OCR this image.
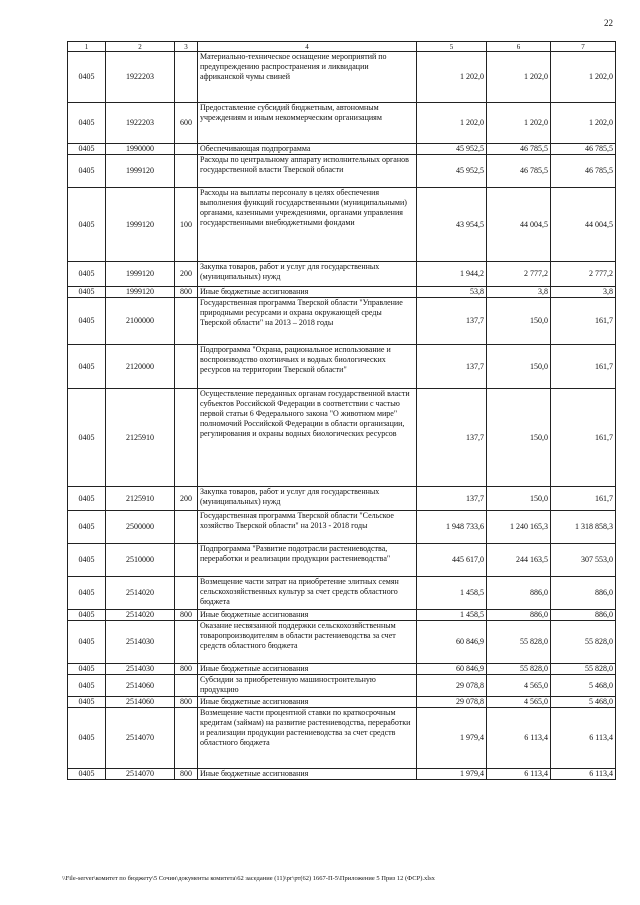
22
1	2	3	4	5	6	7
0405	1922203		Материально-техническое оснащение мероприятий по предупреждению распространения и ликвидации африканской чумы свиней	1 202,0	1 202,0	1 202,0
0405	1922203	600	Предоставление субсидий бюджетным, автономным учреждениям и иным некоммерческим организациям	1 202,0	1 202,0	1 202,0
0405	1990000		Обеспечивающая подпрограмма	45 952,5	46 785,5	46 785,5
0405	1999120		Расходы по центральному аппарату исполнительных органов государственной власти Тверской области	45 952,5	46 785,5	46 785,5
0405	1999120	100	Расходы на выплаты персоналу в целях обеспечения выполнения функций государственными (муниципальными) органами, казенными учреждениями, органами управления государственными внебюджетными фондами	43 954,5	44 004,5	44 004,5
0405	1999120	200	Закупка товаров, работ и услуг для государственных (муниципальных) нужд	1 944,2	2 777,2	2 777,2
0405	1999120	800	Иные бюджетные ассигнования	53,8	3,8	3,8
0405	2100000		Государственная программа Тверской области "Управление природными ресурсами и охрана окружающей среды Тверской области" на 2013 – 2018 годы	137,7	150,0	161,7
0405	2120000		Подпрограмма "Охрана, рациональное использование и воспроизводство охотничьих и водных биологических ресурсов на территории Тверской области"	137,7	150,0	161,7
0405	2125910		Осуществление переданных органам государственной власти субъектов Российской Федерации в соответствии с частью первой статьи 6 Федерального закона "О животном мире" полномочий Российской Федерации в области организации, регулирования и охраны водных биологических ресурсов	137,7	150,0	161,7
0405	2125910	200	Закупка товаров, работ и услуг для государственных (муниципальных) нужд	137,7	150,0	161,7
0405	2500000		Государственная программа Тверской области "Сельское хозяйство Тверской области" на 2013 - 2018 годы	1 948 733,6	1 240 165,3	1 318 858,3
0405	2510000		Подпрограмма "Развитие подотрасли растениеводства, переработки и реализации продукции растениеводства"	445 617,0	244 163,5	307 553,0
0405	2514020		Возмещение части затрат на приобретение элитных семян сельскохозяйственных культур за счет средств областного бюджета	1 458,5	886,0	886,0
0405	2514020	800	Иные бюджетные ассигнования	1 458,5	886,0	886,0
0405	2514030		Оказание несвязанной поддержки сельскохозяйственным товаропроизводителям в области растениеводства за счет средств областного бюджета	60 846,9	55 828,0	55 828,0
0405	2514030	800	Иные бюджетные ассигнования	60 846,9	55 828,0	55 828,0
0405	2514060		Субсидии за приобретенную машиностроительную продукцию	29 078,8	4 565,0	5 468,0
0405	2514060	800	Иные бюджетные ассигнования	29 078,8	4 565,0	5 468,0
0405	2514070		Возмещение части процентной ставки по краткосрочным кредитам (займам) на развитие растениеводства, переработки и реализации продукции растениеводства за счет средств областного бюджета	1 979,4	6 113,4	6 113,4
0405	2514070	800	Иные бюджетные ассигнования	1 979,4	6 113,4	6 113,4
\\File-server\комитет по бюджету\5 Сочин\документы комитета\62 заседание (11)\рг\рт(62) 1667-П-5\Приложение 5 Приз 12 (ФСР).xlsx
